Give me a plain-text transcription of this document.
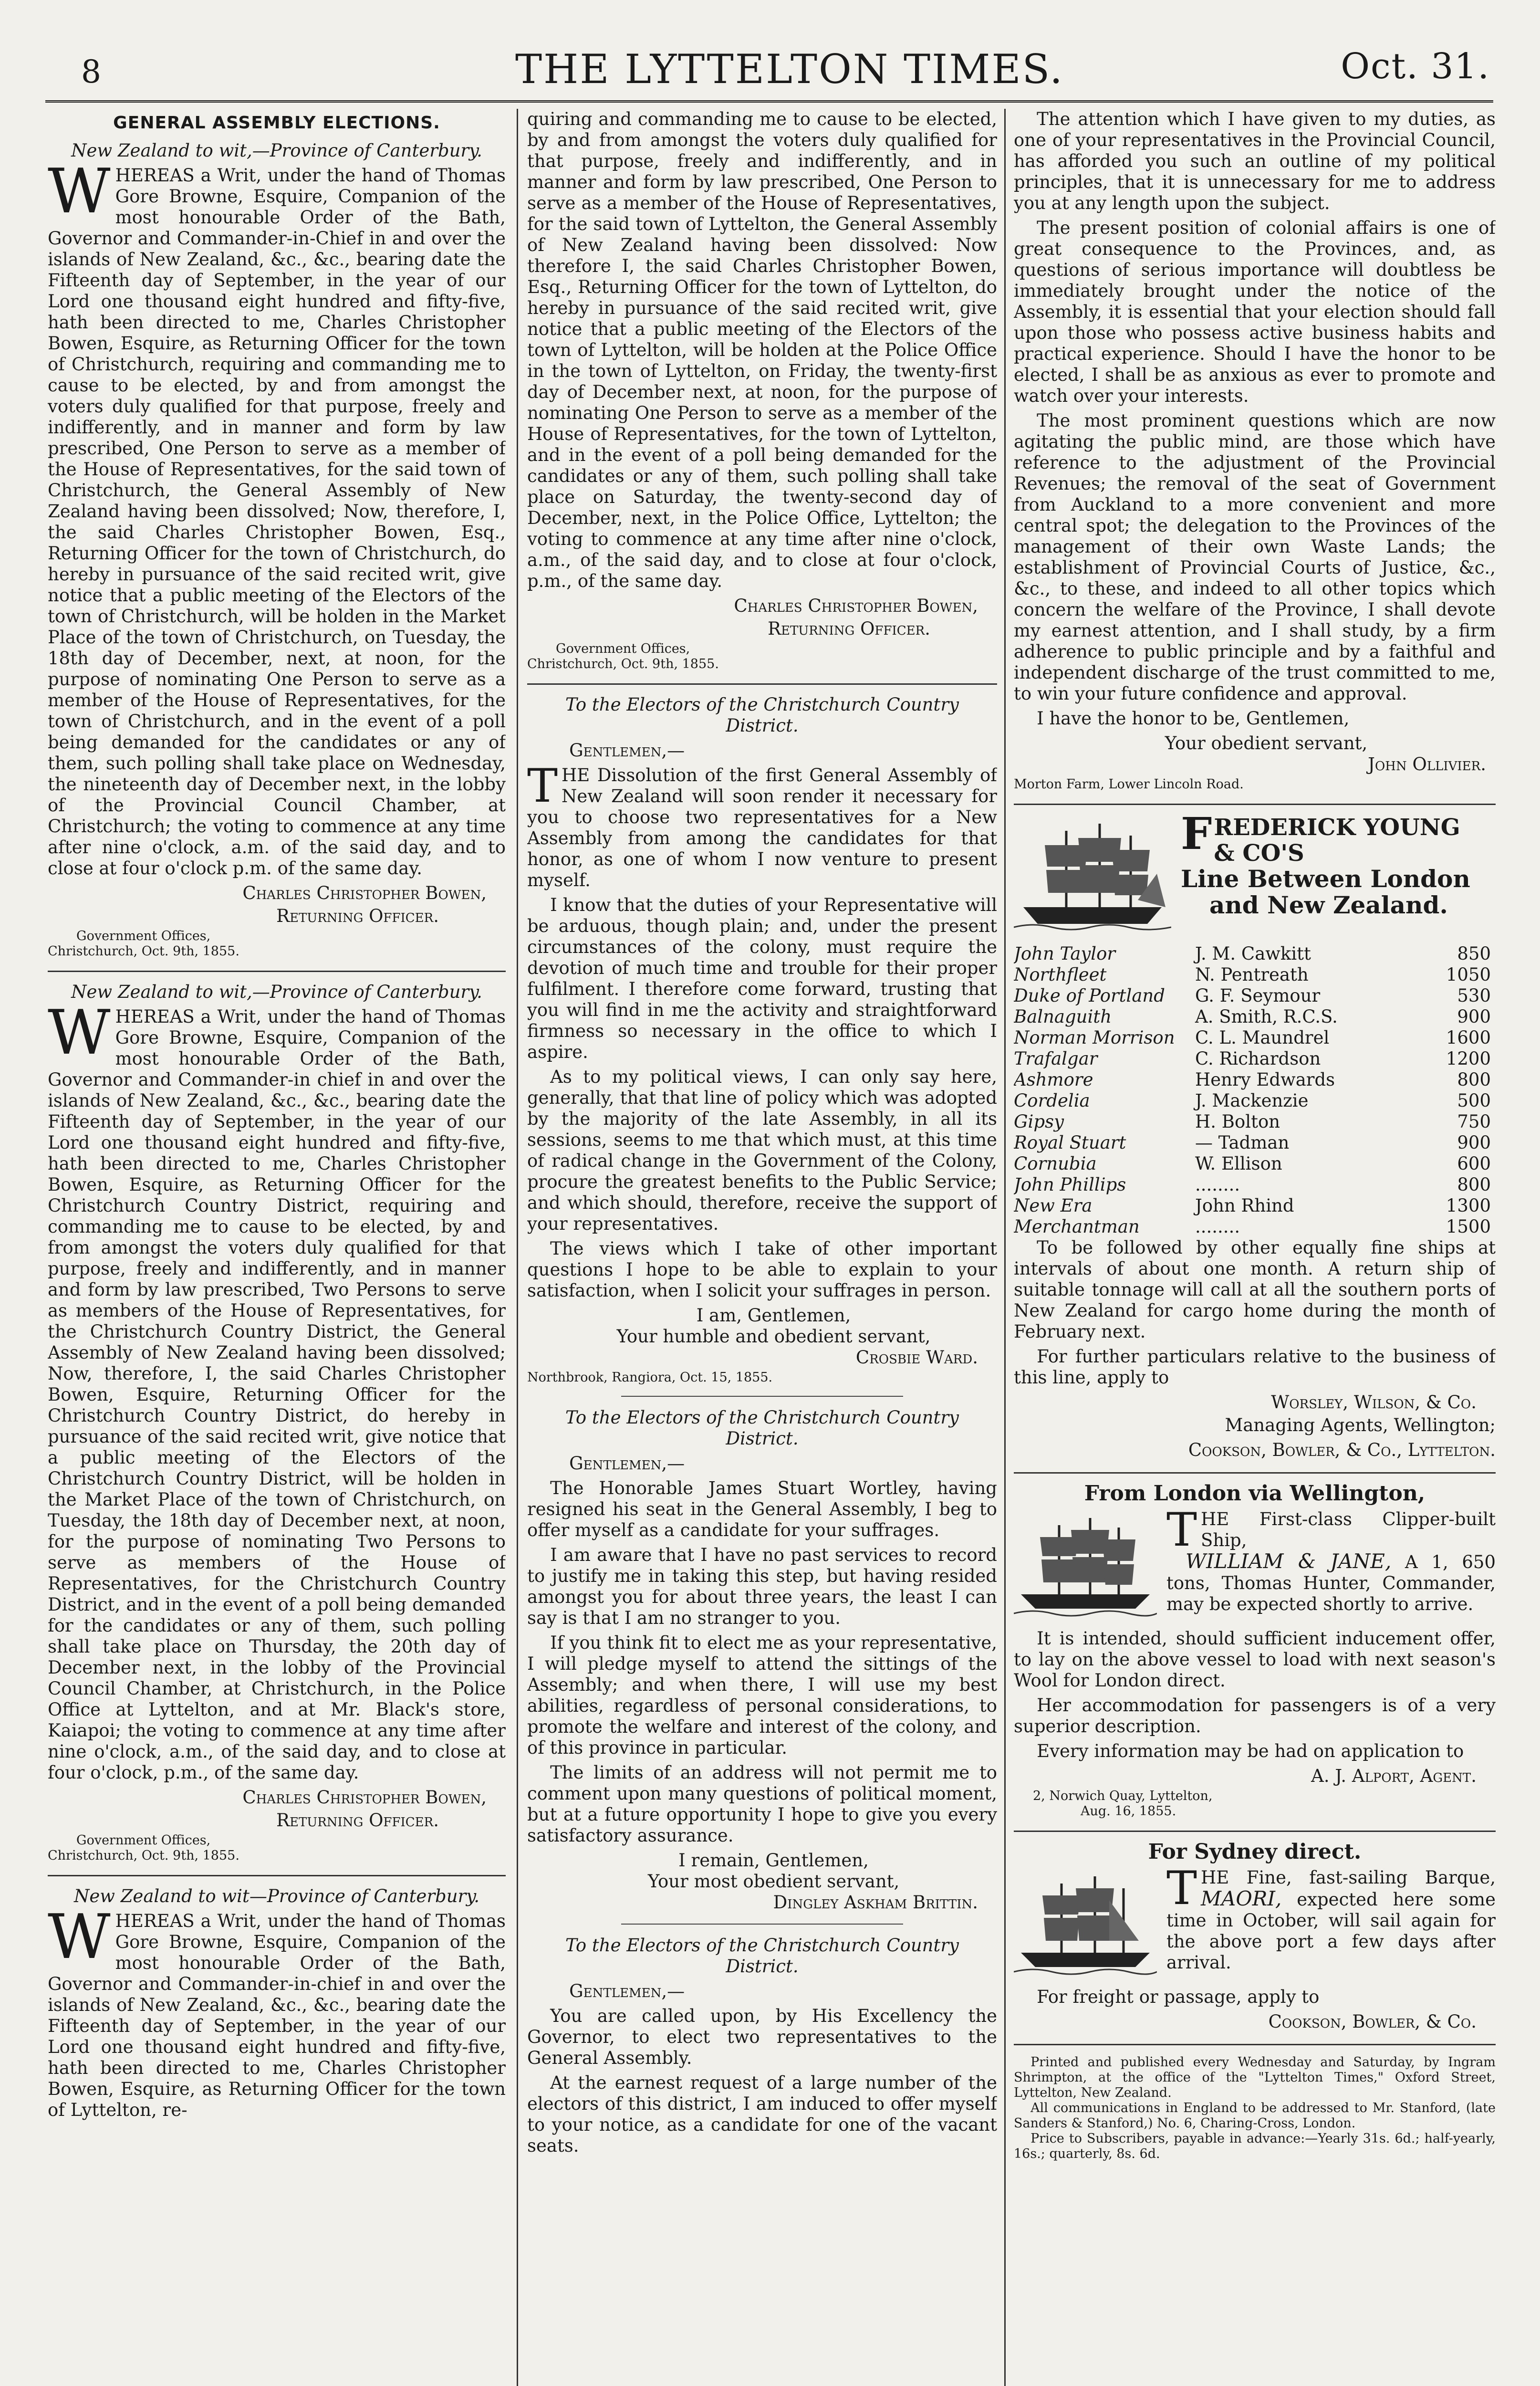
8	THE LYTTELTON TIMES.	Oct. 31.
GENERAL ASSEMBLY ELECTIONS.
New Zealand to wit,—Province of Canterbury.

WHEREAS a Writ, under the hand of Thomas Gore Browne, Esquire, Companion of the most honourable Order of the Bath, Governor and Commander-in-Chief in and over the islands of New Zealand, &c., &c., bearing date the Fifteenth day of September, in the year of our Lord one thousand eight hundred and fifty-five, hath been directed to me, Charles Christopher Bowen, Esquire, as Returning Officer for the town of Christchurch, requiring and commanding me to cause to be elected, by and from amongst the voters duly qualified for that purpose, freely and indifferently, and in manner and form by law prescribed, One Person to serve as a member of the House of Representatives, for the said town of Christchurch, the General Assembly of New Zealand having been dissolved; Now, therefore, I, the said Charles Christopher Bowen, Esq., Returning Officer for the town of Christchurch, do hereby in pursuance of the said recited writ, give notice that a public meeting of the Electors of the town of Christchurch, will be holden in the Market Place of the town of Christchurch, on Tuesday, the 18th day of December, next, at noon, for the purpose of nominating One Person to serve as a member of the House of Representatives, for the town of Christchurch, and in the event of a poll being demanded for the candidates or any of them, such polling shall take place on Wednesday, the nineteenth day of December next, in the lobby of the Provincial Council Chamber, at Christchurch; the voting to commence at any time after nine o'clock, a.m. of the said day, and to close at four o'clock p.m. of the same day.

Charles Christopher Bowen,

Returning Officer.

Government Offices,

Christchurch, Oct. 9th, 1855.

New Zealand to wit,—Province of Canterbury.

WHEREAS a Writ, under the hand of Thomas Gore Browne, Esquire, Companion of the most honourable Order of the Bath, Governor and Commander-in chief in and over the islands of New Zealand, &c., &c., bearing date the Fifteenth day of September, in the year of our Lord one thousand eight hundred and fifty-five, hath been directed to me, Charles Christopher Bowen, Esquire, as Returning Officer for the Christchurch Country District, requiring and commanding me to cause to be elected, by and from amongst the voters duly qualified for that purpose, freely and indifferently, and in manner and form by law prescribed, Two Persons to serve as members of the House of Representatives, for the Christchurch Country District, the General Assembly of New Zealand having been dissolved; Now, therefore, I, the said Charles Christopher Bowen, Esquire, Returning Officer for the Christchurch Country District, do hereby in pursuance of the said recited writ, give notice that a public meeting of the Electors of the Christchurch Country District, will be holden in the Market Place of the town of Christchurch, on Tuesday, the 18th day of December next, at noon, for the purpose of nominating Two Persons to serve as members of the House of Representatives, for the Christchurch Country District, and in the event of a poll being demanded for the candidates or any of them, such polling shall take place on Thursday, the 20th day of December next, in the lobby of the Provincial Council Chamber, at Christchurch, in the Police Office at Lyttelton, and at Mr. Black's store, Kaiapoi; the voting to commence at any time after nine o'clock, a.m., of the said day, and to close at four o'clock, p.m., of the same day.

Charles Christopher Bowen,

Returning Officer.

Government Offices,

Christchurch, Oct. 9th, 1855.

New Zealand to wit—Province of Canterbury.

WHEREAS a Writ, under the hand of Thomas Gore Browne, Esquire, Companion of the most honourable Order of the Bath, Governor and Commander-in-chief in and over the islands of New Zealand, &c., &c., bearing date the Fifteenth day of September, in the year of our Lord one thousand eight hundred and fifty-five, hath been directed to me, Charles Christopher Bowen, Esquire, as Returning Officer for the town of Lyttelton, re-

quiring and commanding me to cause to be elected, by and from amongst the voters duly qualified for that purpose, freely and indifferently, and in manner and form by law prescribed, One Person to serve as a member of the House of Representatives, for the said town of Lyttelton, the General Assembly of New Zealand having been dissolved: Now therefore I, the said Charles Christopher Bowen, Esq., Returning Officer for the town of Lyttelton, do hereby in pursuance of the said recited writ, give notice that a public meeting of the Electors of the town of Lyttelton, will be holden at the Police Office in the town of Lyttelton, on Friday, the twenty-first day of December next, at noon, for the purpose of nominating One Person to serve as a member of the House of Representatives, for the town of Lyttelton, and in the event of a poll being demanded for the candidates or any of them, such polling shall take place on Saturday, the twenty-second day of December, next, in the Police Office, Lyttelton; the voting to commence at any time after nine o'clock, a.m., of the said day, and to close at four o'clock, p.m., of the same day.

Charles Christopher Bowen,

Returning Officer.

Government Offices,

Christchurch, Oct. 9th, 1855.

To the Electors of the Christchurch Country District.

Gentlemen,—

THE Dissolution of the first General Assembly of New Zealand will soon render it necessary for you to choose two representatives for a New Assembly from among the candidates for that honor, as one of whom I now venture to present myself.

I know that the duties of your Representative will be arduous, though plain; and, under the present circumstances of the colony, must require the devotion of much time and trouble for their proper fulfilment. I therefore come forward, trusting that you will find in me the activity and straightforward firmness so necessary in the office to which I aspire.

As to my political views, I can only say here, generally, that that line of policy which was adopted by the majority of the late Assembly, in all its sessions, seems to me that which must, at this time of radical change in the Government of the Colony, procure the greatest benefits to the Public Service; and which should, therefore, receive the support of your representatives.

The views which I take of other important questions I hope to be able to explain to your satisfaction, when I solicit your suffrages in person.

I am, Gentlemen,

Your humble and obedient servant,

Crosbie Ward.

Northbrook, Rangiora, Oct. 15, 1855.

To the Electors of the Christchurch Country District.

Gentlemen,—

The Honorable James Stuart Wortley, having resigned his seat in the General Assembly, I beg to offer myself as a candidate for your suffrages.

I am aware that I have no past services to record to justify me in taking this step, but having resided amongst you for about three years, the least I can say is that I am no stranger to you.

If you think fit to elect me as your representative, I will pledge myself to attend the sittings of the Assembly; and when there, I will use my best abilities, regardless of personal considerations, to promote the welfare and interest of the colony, and of this province in particular.

The limits of an address will not permit me to comment upon many questions of political moment, but at a future opportunity I hope to give you every satisfactory assurance.

I remain, Gentlemen,

Your most obedient servant,

Dingley Askham Brittin.

To the Electors of the Christchurch Country District.

Gentlemen,—

You are called upon, by His Excellency the Governor, to elect two representatives to the General Assembly.

At the earnest request of a large number of the electors of this district, I am induced to offer myself to your notice, as a candidate for one of the vacant seats.

The attention which I have given to my duties, as one of your representatives in the Provincial Council, has afforded you such an outline of my political principles, that it is unnecessary for me to address you at any length upon the subject.

The present position of colonial affairs is one of great consequence to the Provinces, and, as questions of serious importance will doubtless be immediately brought under the notice of the Assembly, it is essential that your election should fall upon those who possess active business habits and practical experience. Should I have the honor to be elected, I shall be as anxious as ever to promote and watch over your interests.

The most prominent questions which are now agitating the public mind, are those which have reference to the adjustment of the Provincial Revenues; the removal of the seat of Government from Auckland to a more convenient and more central spot; the delegation to the Provinces of the management of their own Waste Lands; the establishment of Provincial Courts of Justice, &c., &c., to these, and indeed to all other topics which concern the welfare of the Province, I shall devote my earnest attention, and I shall study, by a firm adherence to public principle and by a faithful and independent discharge of the trust committed to me, to win your future confidence and approval.

I have the honor to be, Gentlemen,

Your obedient servant,

John Ollivier.

Morton Farm, Lower Lincoln Road.

FREDERICK YOUNG
& CO'S
Line Between London
and New Zealand.
John Taylor	J. M. Cawkitt	850
Northfleet	N. Pentreath	1050
Duke of Portland	G. F. Seymour	530
Balnaguith	A. Smith, R.C.S.	900
Norman Morrison	C. L. Maundrel	1600
Trafalgar	C. Richardson	1200
Ashmore	Henry Edwards	800
Cordelia	J. Mackenzie	500
Gipsy	H. Bolton	750
Royal Stuart	— Tadman	900
Cornubia	W. Ellison	600
John Phillips	........	800
New Era	John Rhind	1300
Merchantman	........	1500

To be followed by other equally fine ships at intervals of about one month. A return ship of suitable tonnage will call at all the southern ports of New Zealand for cargo home during the month of February next.

For further particulars relative to the business of this line, apply to

Worsley, Wilson, & Co.

Managing Agents, Wellington;

Cookson, Bowler, & Co., Lyttelton.

From London via Wellington,

THE First-class Clipper-built Ship,
WILLIAM & JANE, A 1, 650 tons, Thomas Hunter, Commander, may be expected shortly to arrive.

It is intended, should sufficient inducement offer, to lay on the above vessel to load with next season's Wool for London direct.

Her accommodation for passengers is of a very superior description.

Every information may be had on application to

A. J. Alport, Agent.

2, Norwich Quay, Lyttelton,

Aug. 16, 1855.

For Sydney direct.

THE Fine, fast-sailing Barque, MAORI, expected here some time in October, will sail again for the above port a few days after arrival.

For freight or passage, apply to

Cookson, Bowler, & Co.

Printed and published every Wednesday and Saturday, by Ingram Shrimpton, at the office of the "Lyttelton Times," Oxford Street, Lyttelton, New Zealand.

All communications in England to be addressed to Mr. Stanford, (late Sanders & Stanford,) No. 6, Charing-Cross, London.

Price to Subscribers, payable in advance:—Yearly 31s. 6d.; half-yearly, 16s.; quarterly, 8s. 6d.
